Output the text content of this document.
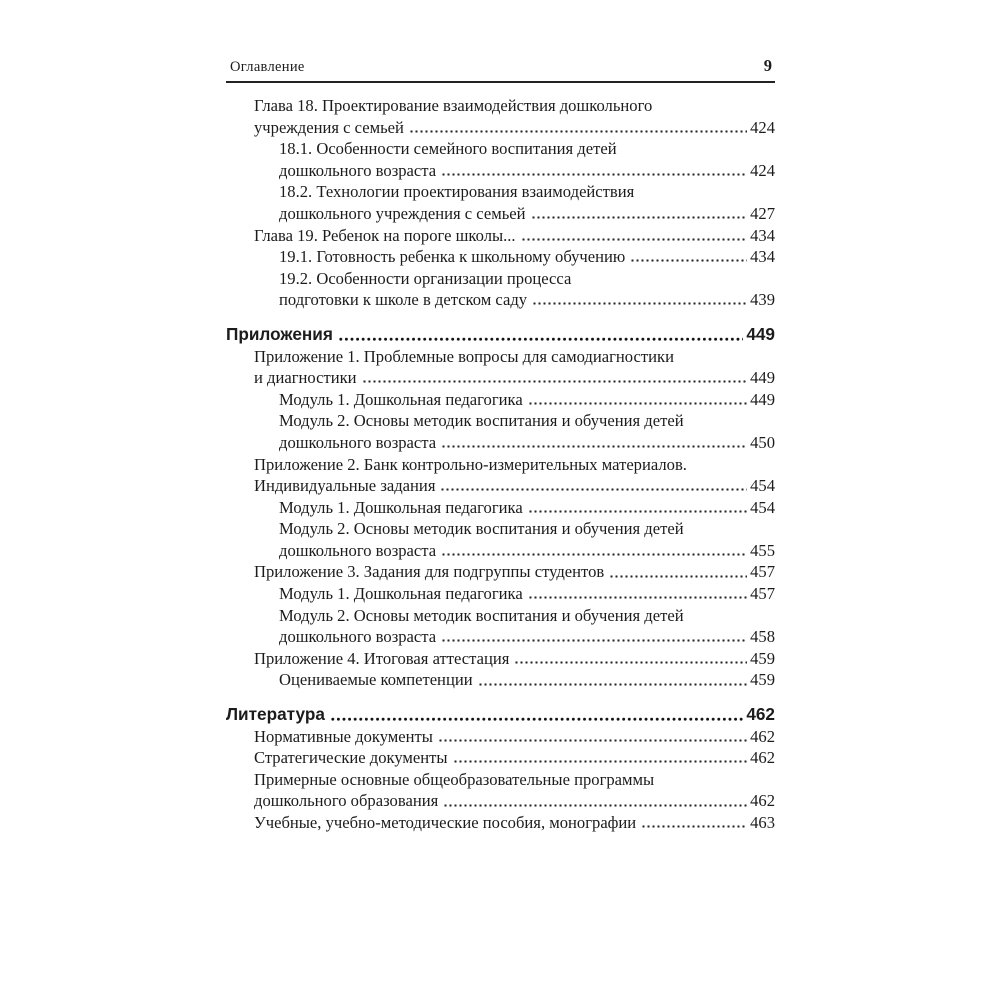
Оглавление	9
Глава 18. Проектирование взаимодействия дошкольного
учреждения с семьей	424
18.1. Особенности семейного воспитания детей
дошкольного возраста	424
18.2. Технологии проектирования взаимодействия
дошкольного учреждения с семьей	427
Глава 19. Ребенок на пороге школы...	434
19.1. Готовность ребенка к школьному обучению	434
19.2. Особенности организации процесса
подготовки к школе в детском саду	439
Приложения	449
Приложение 1. Проблемные вопросы для самодиагностики
и диагностики	449
Модуль 1. Дошкольная педагогика	449
Модуль 2. Основы методик воспитания и обучения детей
дошкольного возраста	450
Приложение 2. Банк контрольно-измерительных материалов.
Индивидуальные задания	454
Модуль 1. Дошкольная педагогика	454
Модуль 2. Основы методик воспитания и обучения детей
дошкольного возраста	455
Приложение 3. Задания для подгруппы студентов	457
Модуль 1. Дошкольная педагогика	457
Модуль 2. Основы методик воспитания и обучения детей
дошкольного возраста	458
Приложение 4. Итоговая аттестация	459
Оцениваемые компетенции	459
Литература	462
Нормативные документы	462
Стратегические документы	462
Примерные основные общеобразовательные программы
дошкольного образования	462
Учебные, учебно-методические пособия, монографии	463
